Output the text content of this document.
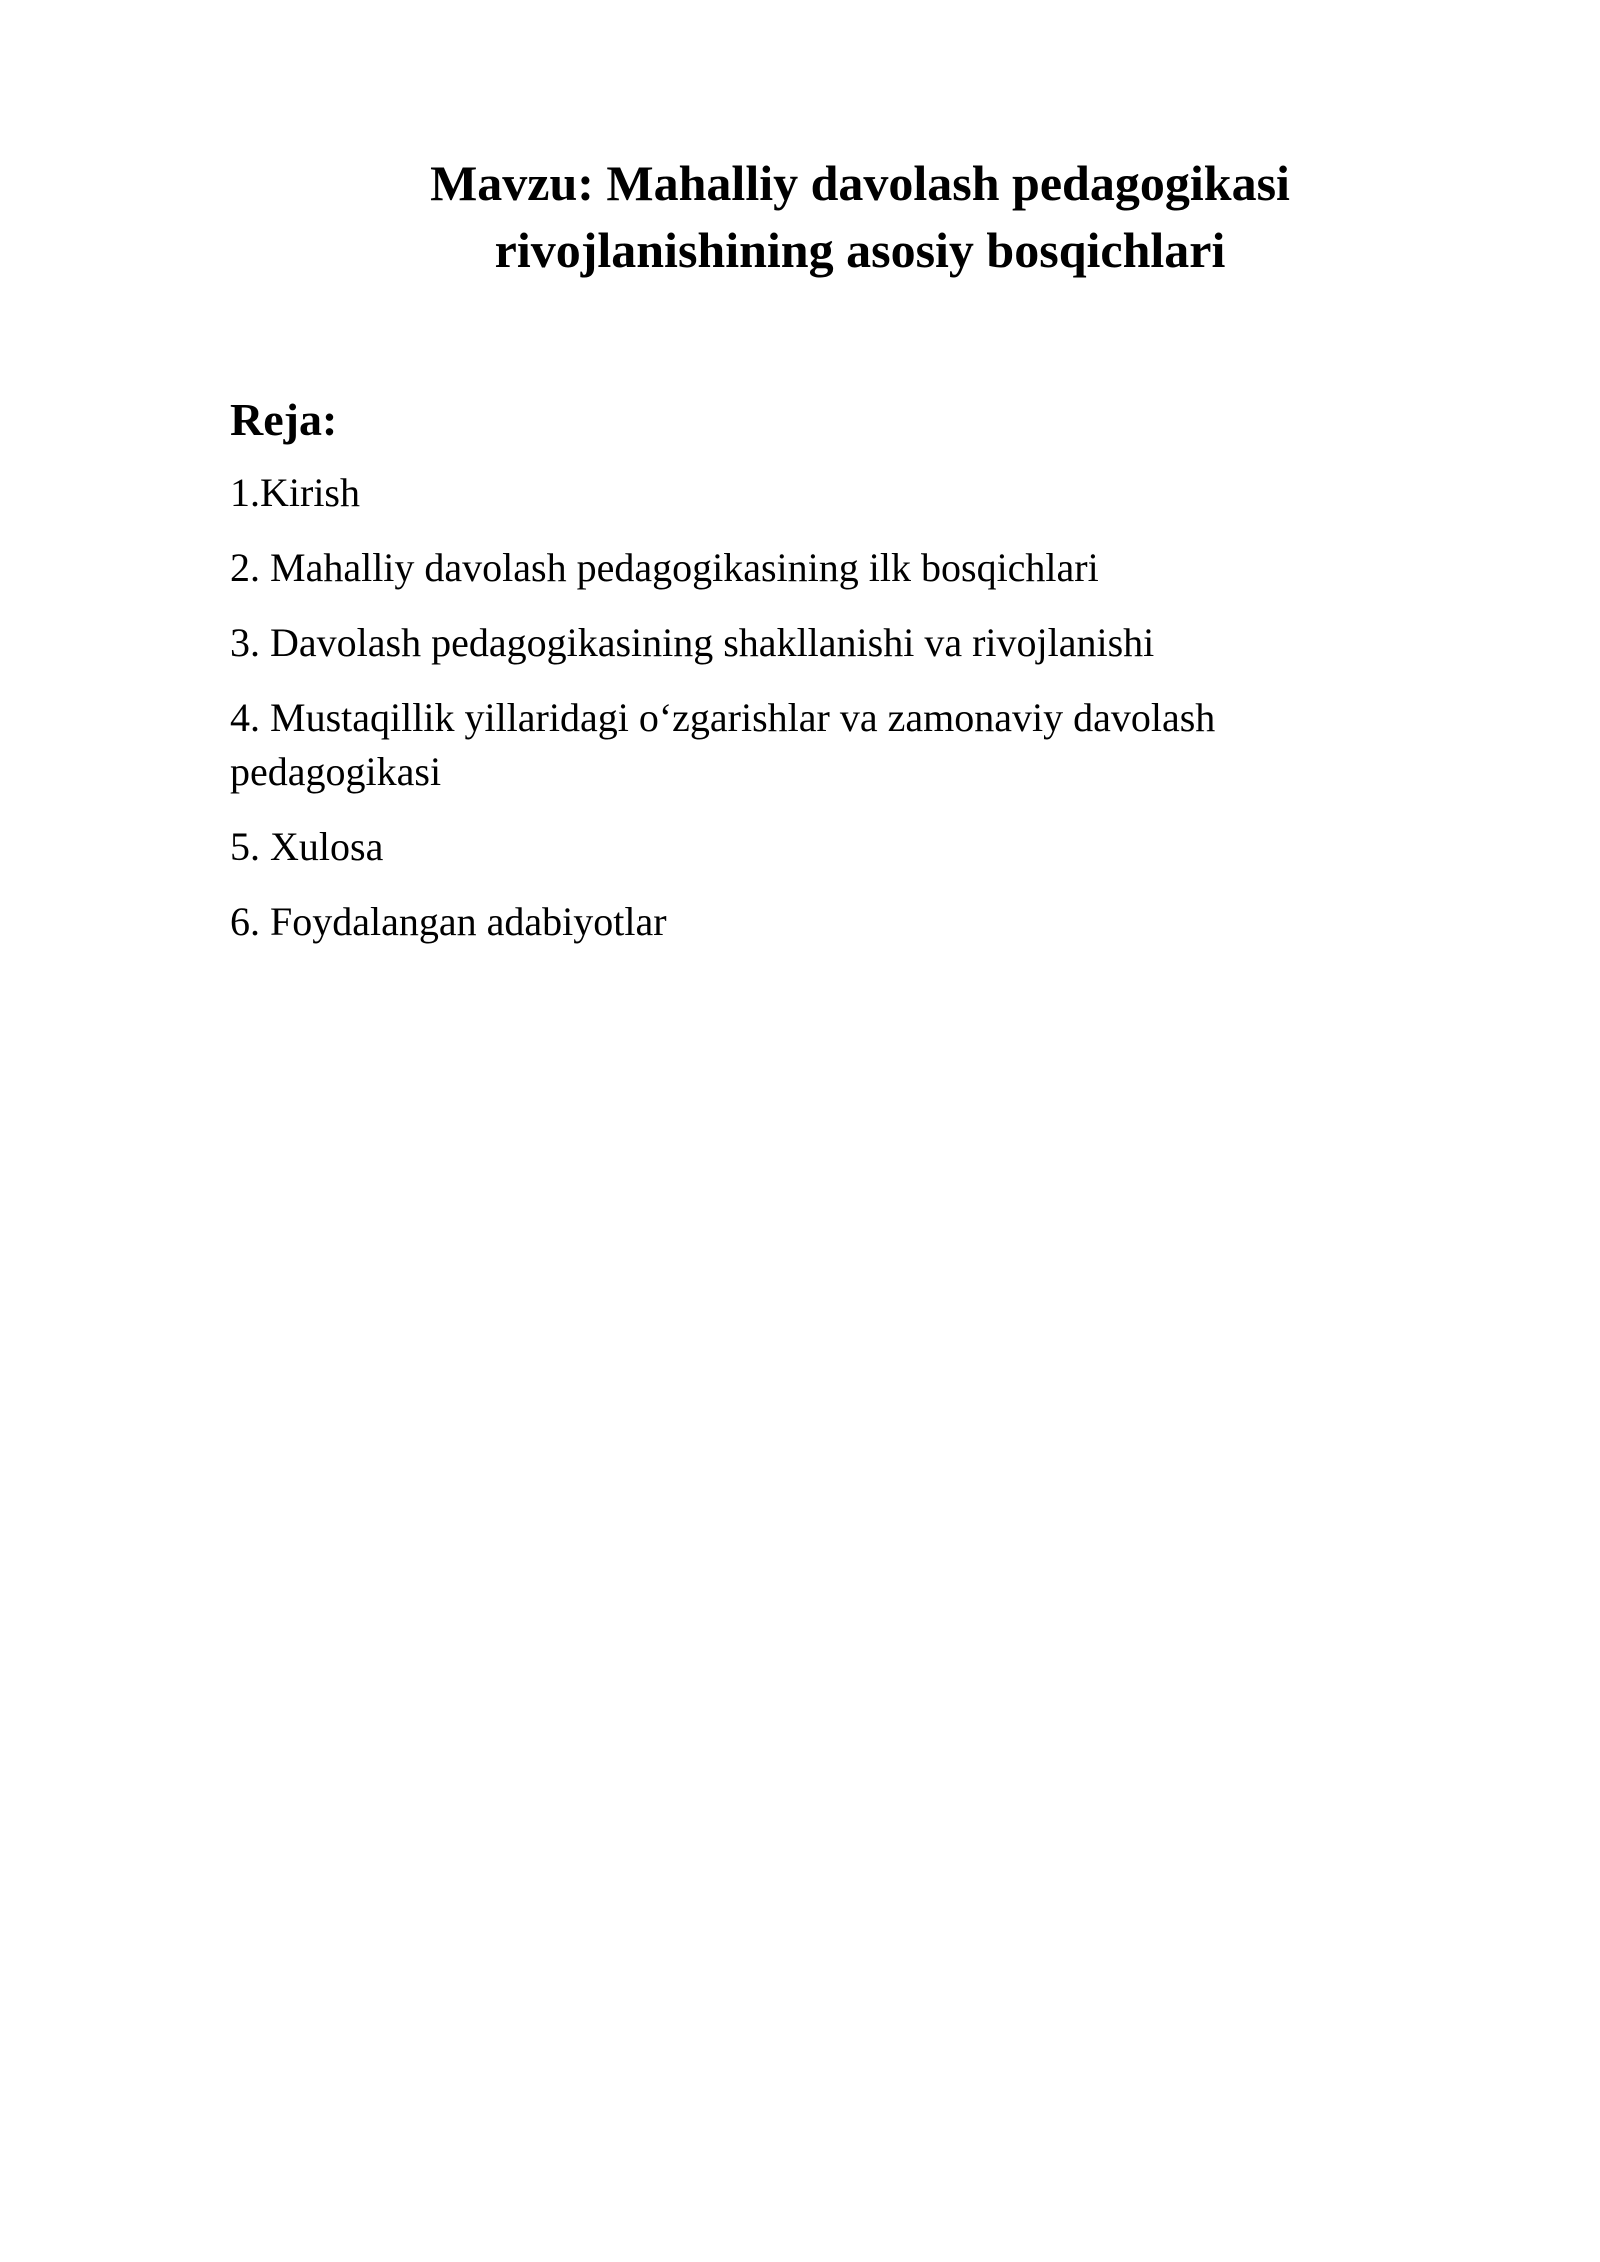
Mavzu: Mahalliy davolash pedagogikasi
rivojlanishining asosiy bosqichlari
Reja:
1.Kirish
2. Mahalliy davolash pedagogikasining ilk bosqichlari
3. Davolash pedagogikasining shakllanishi va rivojlanishi
4. Mustaqillik yillaridagi o‘zgarishlar va zamonaviy davolash pedagogikasi
5. Xulosa
6. Foydalangan adabiyotlar
